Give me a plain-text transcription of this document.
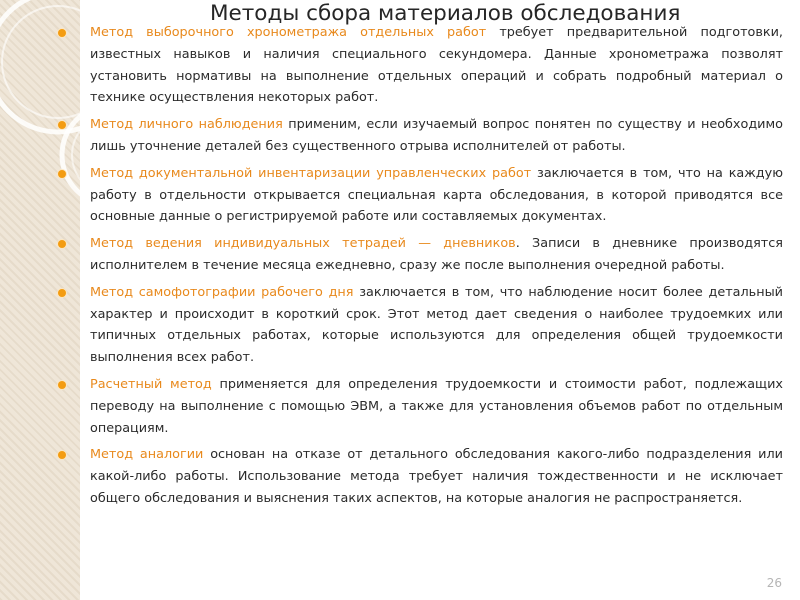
Методы сбора материалов обследования
Метод выборочного хронометража отдельных работ требует предварительной подготовки, известных навыков и наличия специального секундомера. Данные хронометража позволят установить нормативы на выполнение отдельных операций и собрать подробный материал о технике осуществления некоторых работ.
Метод личного наблюдения применим, если изучаемый вопрос понятен по существу и необходимо лишь уточнение деталей без существенного отрыва исполнителей от работы.
Метод документальной инвентаризации управленческих работ заключается в том, что на каждую работу в отдельности открывается специальная карта обследования, в которой приводятся все основные данные о регистрируемой работе или составляемых документах.
Метод ведения индивидуальных тетрадей — дневников. Записи в дневнике производятся исполнителем в течение месяца ежедневно, сразу же после выполнения очередной работы.
Метод самофотографии рабочего дня заключается в том, что наблюдение носит более детальный характер и происходит в короткий срок. Этот метод дает сведения о наиболее трудоемких или типичных отдельных работах, которые используются для определения общей трудоемкости выполнения всех работ.
Расчетный метод применяется для определения трудоемкости и стоимости работ, подлежащих переводу на выполнение с помощью ЭВМ, а также для установления объемов работ по отдельным операциям.
Метод аналогии основан на отказе от детального обследования какого-либо подразделения или какой-либо работы. Использование метода требует наличия тождественности и не исключает общего обследования и выяснения таких аспектов, на которые аналогия не распространяется.
26
